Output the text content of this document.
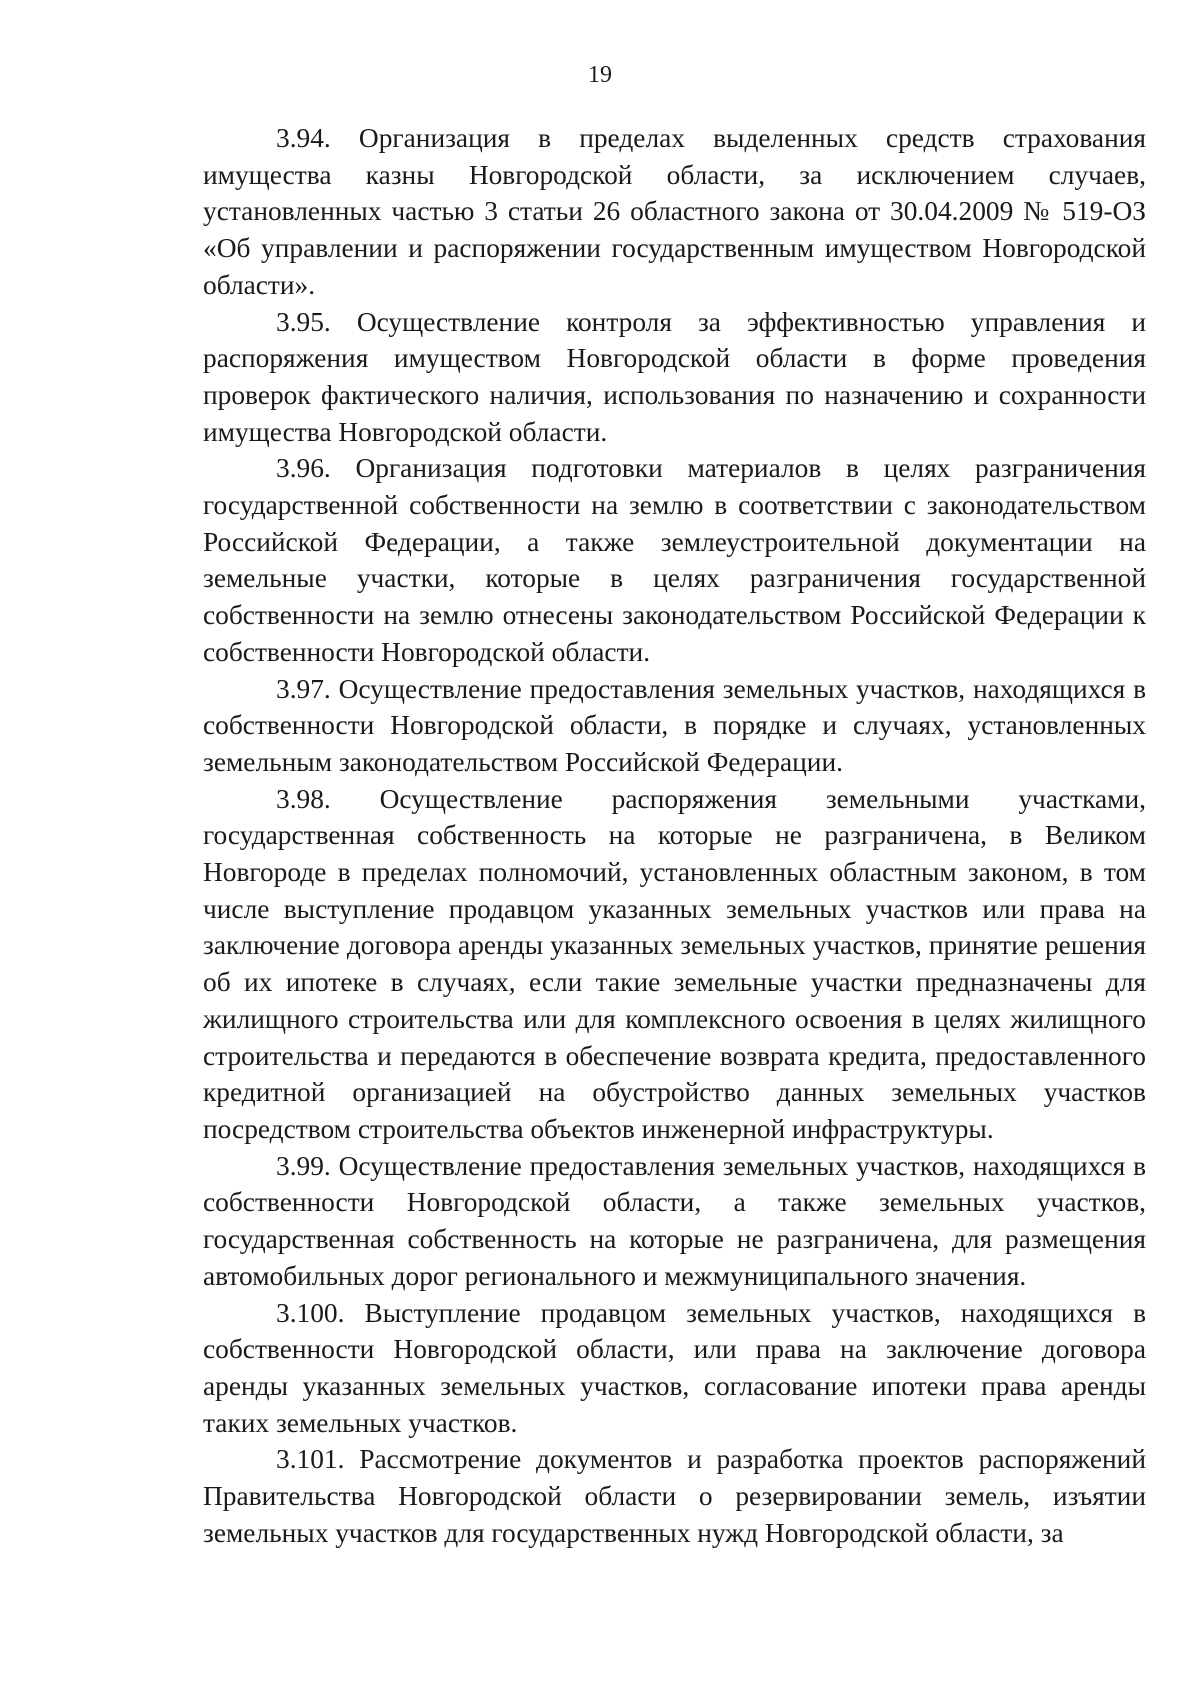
19

3.94. Организация в пределах выделенных средств страхования имущества казны Новгородской области, за исключением случаев, установленных частью 3 статьи 26 областного закона от 30.04.2009 № 519-ОЗ «Об управлении и распоряжении государственным имуществом Новгородской области».

3.95. Осуществление контроля за эффективностью управления и распоряжения имуществом Новгородской области в форме проведения проверок фактического наличия, использования по назначению и сохранности имущества Новгородской области.

3.96. Организация подготовки материалов в целях разграничения государственной собственности на землю в соответствии с законодательством Российской Федерации, а также землеустроительной документации на земельные участки, которые в целях разграничения государственной собственности на землю отнесены законодательством Российской Федерации к собственности Новгородской области.

3.97. Осуществление предоставления земельных участков, находящихся в собственности Новгородской области, в порядке и случаях, установленных земельным законодательством Российской Федерации.

3.98. Осуществление распоряжения земельными участками, государственная собственность на которые не разграничена, в Великом Новгороде в пределах полномочий, установленных областным законом, в том числе выступление продавцом указанных земельных участков или права на заключение договора аренды указанных земельных участков, принятие решения об их ипотеке в случаях, если такие земельные участки предназначены для жилищного строительства или для комплексного освоения в целях жилищного строительства и передаются в обеспечение возврата кредита, предоставленного кредитной организацией на обустройство данных земельных участков посредством строительства объектов инженерной инфраструктуры.

3.99. Осуществление предоставления земельных участков, находящихся в собственности Новгородской области, а также земельных участков, государственная собственность на которые не разграничена, для размещения автомобильных дорог регионального и межмуниципального значения.

3.100. Выступление продавцом земельных участков, находящихся в собственности Новгородской области, или права на заключение договора аренды указанных земельных участков, согласование ипотеки права аренды таких земельных участков.

3.101. Рассмотрение документов и разработка проектов распоряжений Правительства Новгородской области о резервировании земель, изъятии земельных участков для государственных нужд Новгородской области, за
